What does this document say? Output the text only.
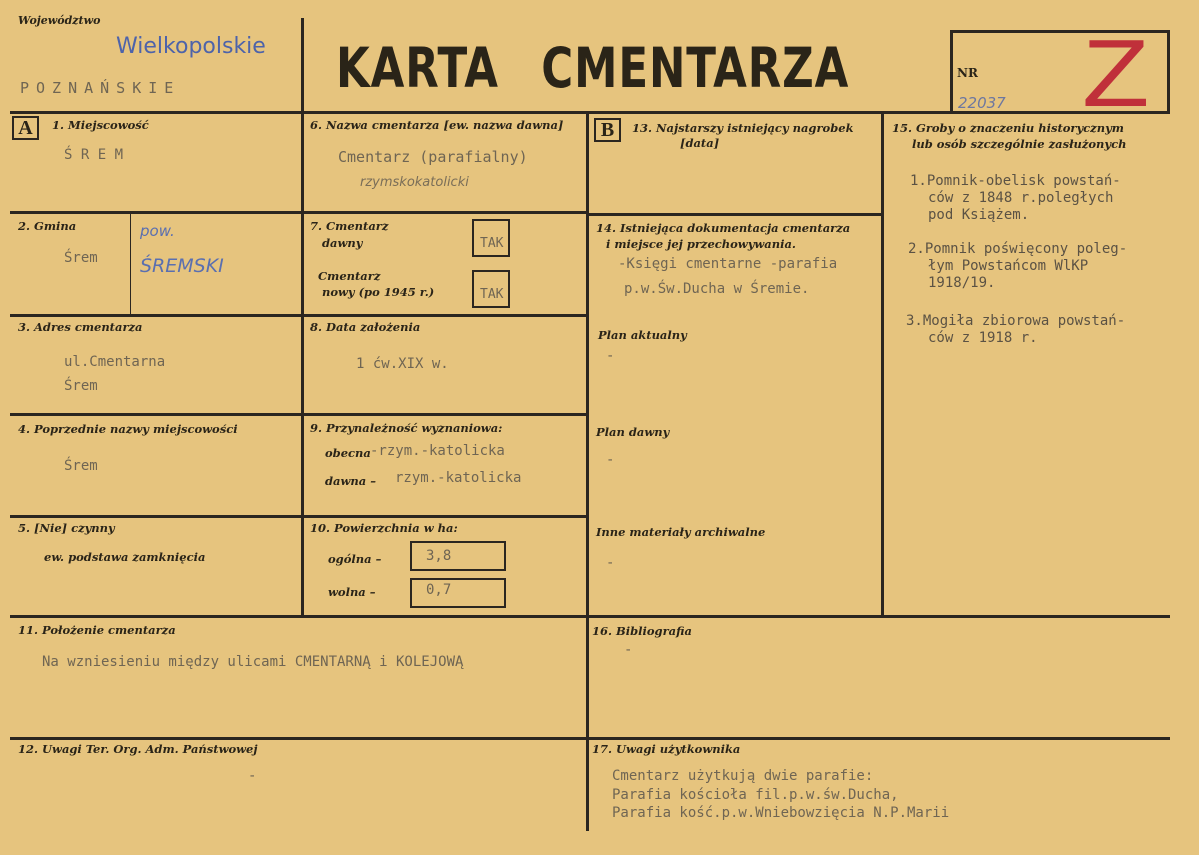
Województwo
Wielkopolskie
POZNAŃSKIE	KARTA CMENTARZA	NR
22037 Z
A	1. Miejscowość
Ś R E M
6. Nazwa cmentarza [ew. nazwa dawna]
Cmentarz (parafialny)
rzymskokatolicki
2. Gmina
Śrem
pow.
ŚREMSKI
7. Cmentarz
dawny	TAK
Cmentarz
nowy (po 1945 r.)	TAK
3. Adres cmentarza
ul.Cmentarna
Śrem
8. Data założenia
1 ćw.XIX w.
4. Poprzednie nazwy miejscowości
Śrem
9. Przynależność wyznaniowa:
obecna -rzym.-katolicka
dawna – rzym.-katolicka
5. [Nie] czynny
ew. podstawa zamknięcia
10. Powierzchnia w ha:
ogólna –	3,8
wolna –	0,7
B	13. Najstarszy istniejący nagrobek
[data]
14. Istniejąca dokumentacja cmentarza
i miejsce jej przechowywania.
-Księgi cmentarne -parafia
p.w.Św.Ducha w Śremie.
Plan aktualny
-
Plan dawny
-
Inne materiały archiwalne
-
15. Groby o znaczeniu historycznym
lub osób szczególnie zasłużonych
1.Pomnik-obelisk powstań-
ców z 1848 r.poległych
pod Książem.
2.Pomnik poświęcony poleg-
łym Powstańcom WlKP
1918/19.
3.Mogiła zbiorowa powstań-
ców z 1918 r.
11. Położenie cmentarza
Na wzniesieniu między ulicami CMENTARNĄ i KOLEJOWĄ
16. Bibliografia
-
12. Uwagi Ter. Org. Adm. Państwowej
-
17. Uwagi użytkownika
Cmentarz użytkują dwie parafie:
Parafia kościoła fil.p.w.św.Ducha,
Parafia kość.p.w.Wniebowzięcia N.P.Marii
